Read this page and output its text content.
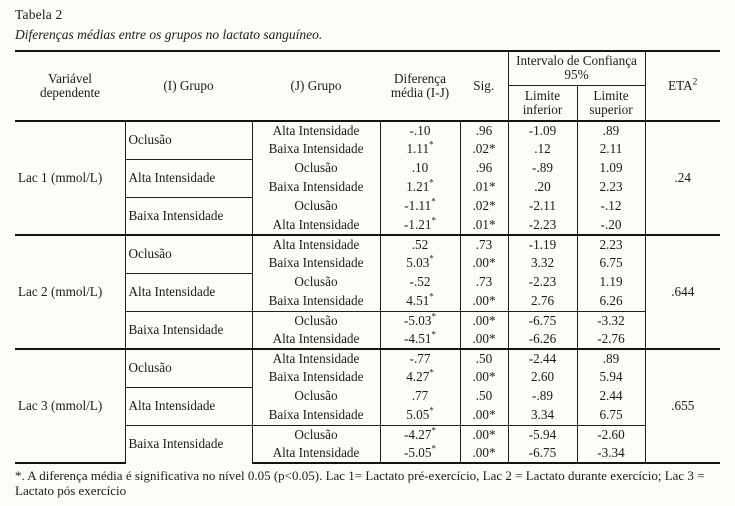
Tabela 2
Diferenças médias entre os grupos no lactato sanguíneo.
Variável dependente	(I) Grupo	(J) Grupo	Diferença média (I-J)	Sig.	Intervalo de Confiança 95%		ETA$^2$
					Limite inferior	Limite superior	
Lac 1 (mmol/L)	Oclusão	Alta Intensidade	-.10	.96	-1.09	.89	.24
		Baixa Intensidade	1.11*	.02*	.12	2.11	
	Alta Intensidade	Oclusão	.10	.96	-.89	1.09	
		Baixa Intensidade	1.21*	.01*	.20	2.23	
	Baixa Intensidade	Oclusão	-1.11*	.02*	-2.11	-.12	
		Alta Intensidade	-1.21*	.01*	-2.23	-.20	
Lac 2 (mmol/L)	Oclusão	Alta Intensidade	.52	.73	-1.19	2.23	.644
		Baixa Intensidade	5.03*	.00*	3.32	6.75	
	Alta Intensidade	Oclusão	-.52	.73	-2.23	1.19	
		Baixa Intensidade	4.51*	.00*	2.76	6.26	
	Baixa Intensidade	Oclusão	-5.03*	.00*	-6.75	-3.32	
		Alta Intensidade	-4.51*	.00*	-6.26	-2.76	
Lac 3 (mmol/L)	Oclusão	Alta Intensidade	-.77	.50	-2.44	.89	.655
		Baixa Intensidade	4.27*	.00*	2.60	5.94	
	Alta Intensidade	Oclusão	.77	.50	-.89	2.44	
		Baixa Intensidade	5.05*	.00*	3.34	6.75	
	Baixa Intensidade	Oclusão	-4.27*	.00*	-5.94	-2.60	
		Alta Intensidade	-5.05*	.00*	-6.75	-3.34	
*. A diferença média é significativa no nível 0.05 (p<0.05). Lac 1= Lactato pré-exercício, Lac 2 = Lactato durante exercício; Lac 3 = Lactato pós exercício
